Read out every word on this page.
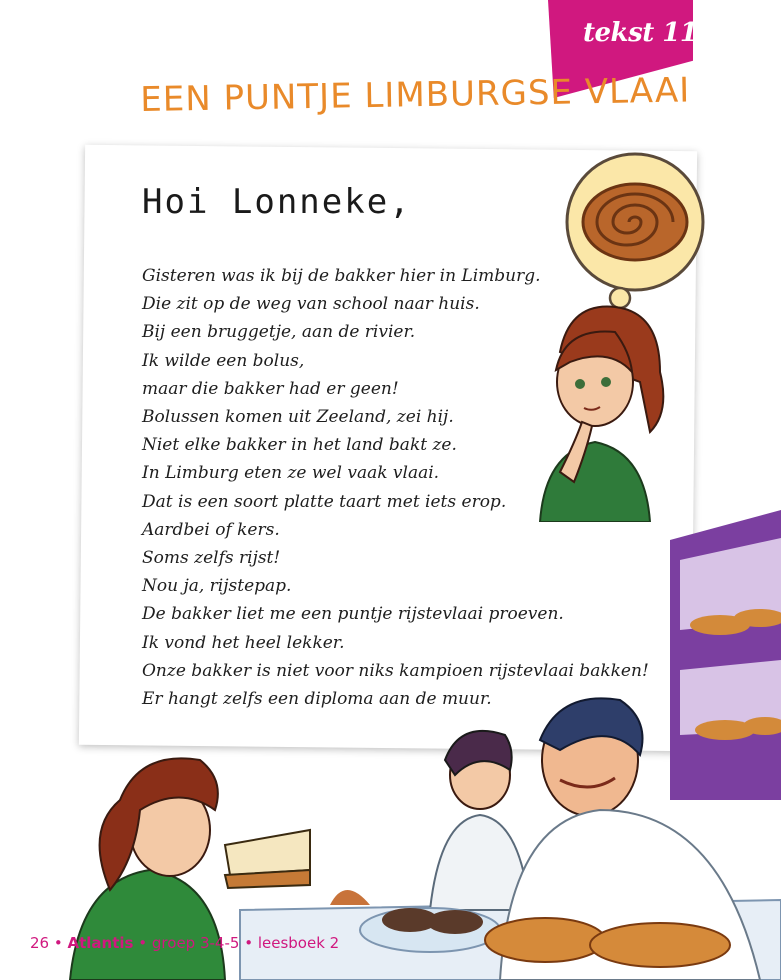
tekst 11
EEN PUNTJE LIMBURGSE VLAAI
Hoi Lonneke,
Gisteren was ik bij de bakker hier in Limburg.
Die zit op de weg van school naar huis.
Bij een bruggetje, aan de rivier.
Ik wilde een bolus,
maar die bakker had er geen!
Bolussen komen uit Zeeland, zei hij.
Niet elke bakker in het land bakt ze.
In Limburg eten ze wel vaak vlaai.
Dat is een soort platte taart met iets erop.
Aardbei of kers.
Soms zelfs rijst!
Nou ja, rijstepap.
De bakker liet me een puntje rijstevlaai proeven.
Ik vond het heel lekker.
Onze bakker is niet voor niks kampioen rijstevlaai bakken!
Er hangt zelfs een diploma aan de muur.
26 • Atlantis • groep 3-4-5 • leesboek 2
